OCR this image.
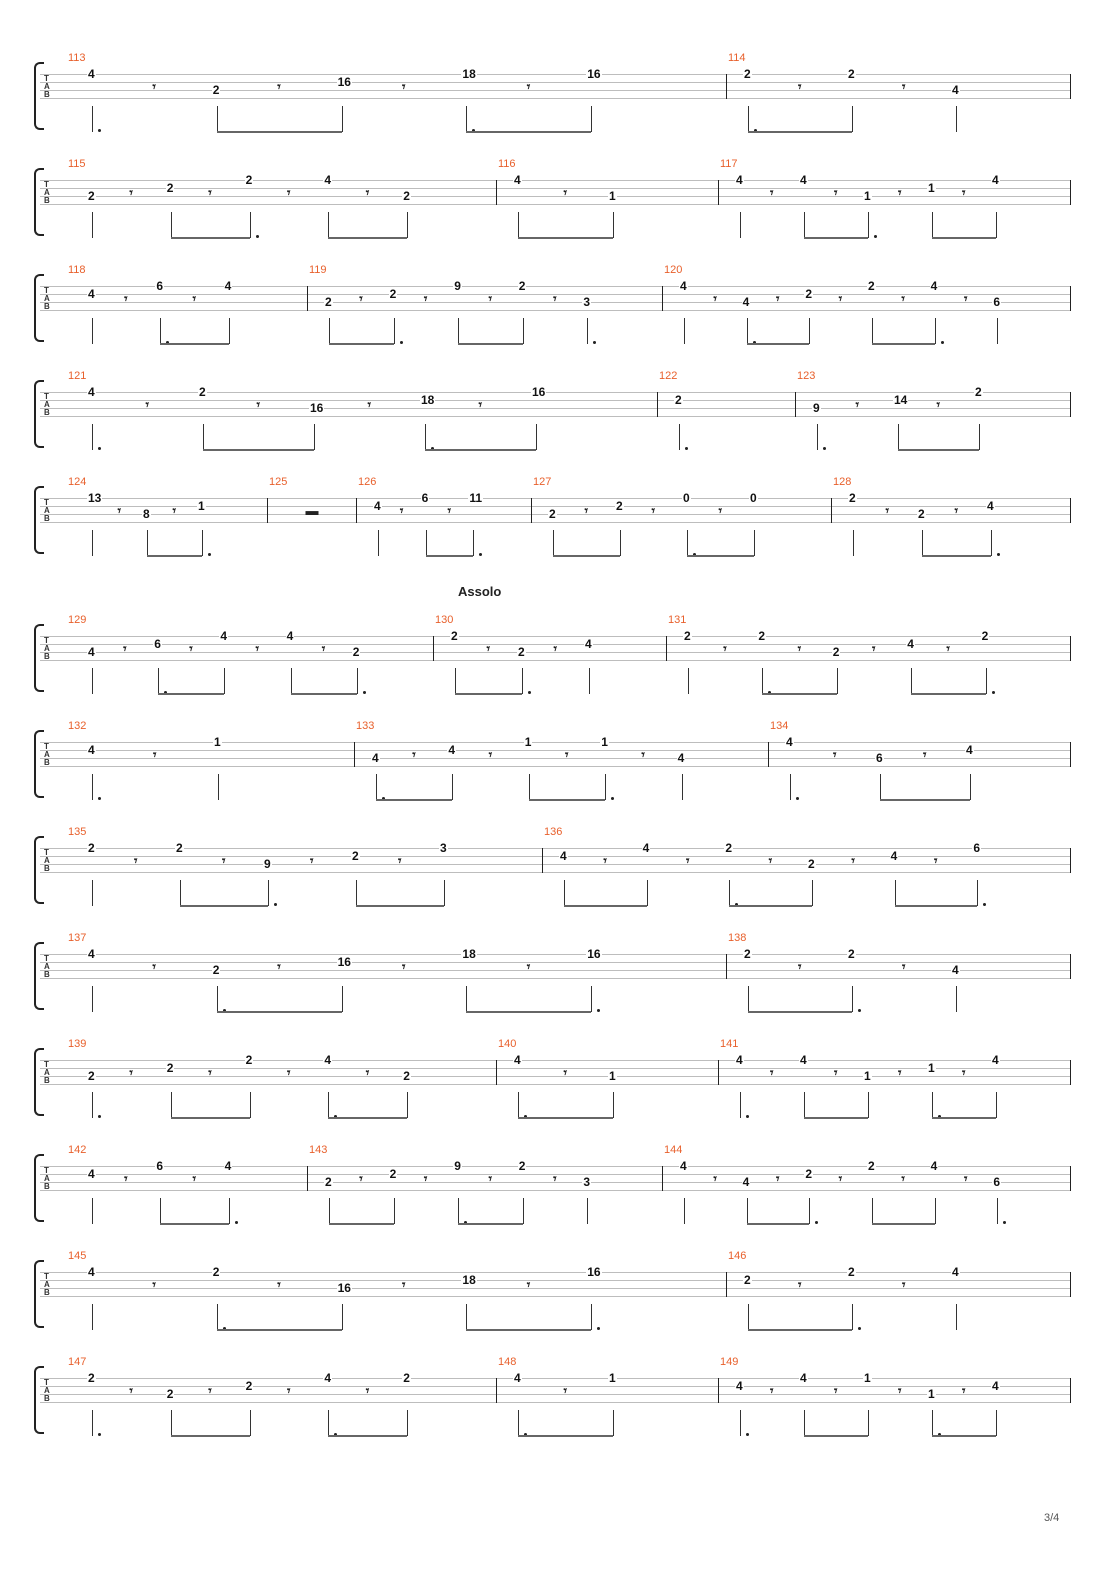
T
A
B
113
4
𝄾	2	𝄾	16	𝄾
18
𝄾
16
114
2
𝄾
2
𝄾	4
T
A
B
115
2	𝄾	2	𝄾
2
𝄾
4
𝄾	2
116
4
𝄾	1
117
4
𝄾
4
𝄾 1 𝄾 1 𝄾
4
T
A
B
118
4 𝄾
6
𝄾
4
119
2 𝄾 2 𝄾
9
𝄾
2
𝄾 3
120
4
𝄾 4 𝄾 2 𝄾
2
𝄾
4
𝄾 6
T
A
B
121
4
𝄾
2
𝄾	16	𝄾	18	𝄾
16
122
2
123
9	𝄾	14 𝄾
2
T
A
B
124
13
𝄾 8 𝄾 1
125
▬
126
4 𝄾
6
𝄾
11
127
2 𝄾 2 𝄾
0
𝄾
0
128
2
𝄾 2 𝄾 4
T
A
B
129
4 𝄾 6 𝄾
4
𝄾
4
𝄾 2
130
2
𝄾 2 𝄾 4
131
2
𝄾
2
𝄾	2	𝄾	4	𝄾
2
T
A
B
132
4	𝄾
1
133
4	𝄾	4	𝄾
1
𝄾
1
𝄾	4
134
4
𝄾	6	𝄾	4
T
A
B
135
2
𝄾
2
𝄾	9	𝄾	2	𝄾
3
136
4	𝄾
4
𝄾
2
𝄾	2	𝄾	4	𝄾
6
T
A
B
137
4
𝄾	2	𝄾	16	𝄾
18
𝄾
16
138
2
𝄾
2
𝄾	4
T
A
B
139
2	𝄾	2	𝄾
2
𝄾
4
𝄾	2
140
4
𝄾	1
141
4
𝄾
4
𝄾 1 𝄾 1 𝄾
4
T
A
B
142
4 𝄾
6
𝄾
4
143
2 𝄾 2 𝄾
9
𝄾
2
𝄾 3
144
4
𝄾 4 𝄾 2 𝄾
2
𝄾
4
𝄾 6
T
A
B
145
4
𝄾
2
𝄾	16	𝄾	18	𝄾
16
146
2	𝄾
2
𝄾
4
T
A
B
147
2
𝄾	2	𝄾	2	𝄾
4
𝄾
2
148
4
𝄾
1
149
4 𝄾
4
𝄾
1
𝄾 1 𝄾 4
Assolo
3/4
